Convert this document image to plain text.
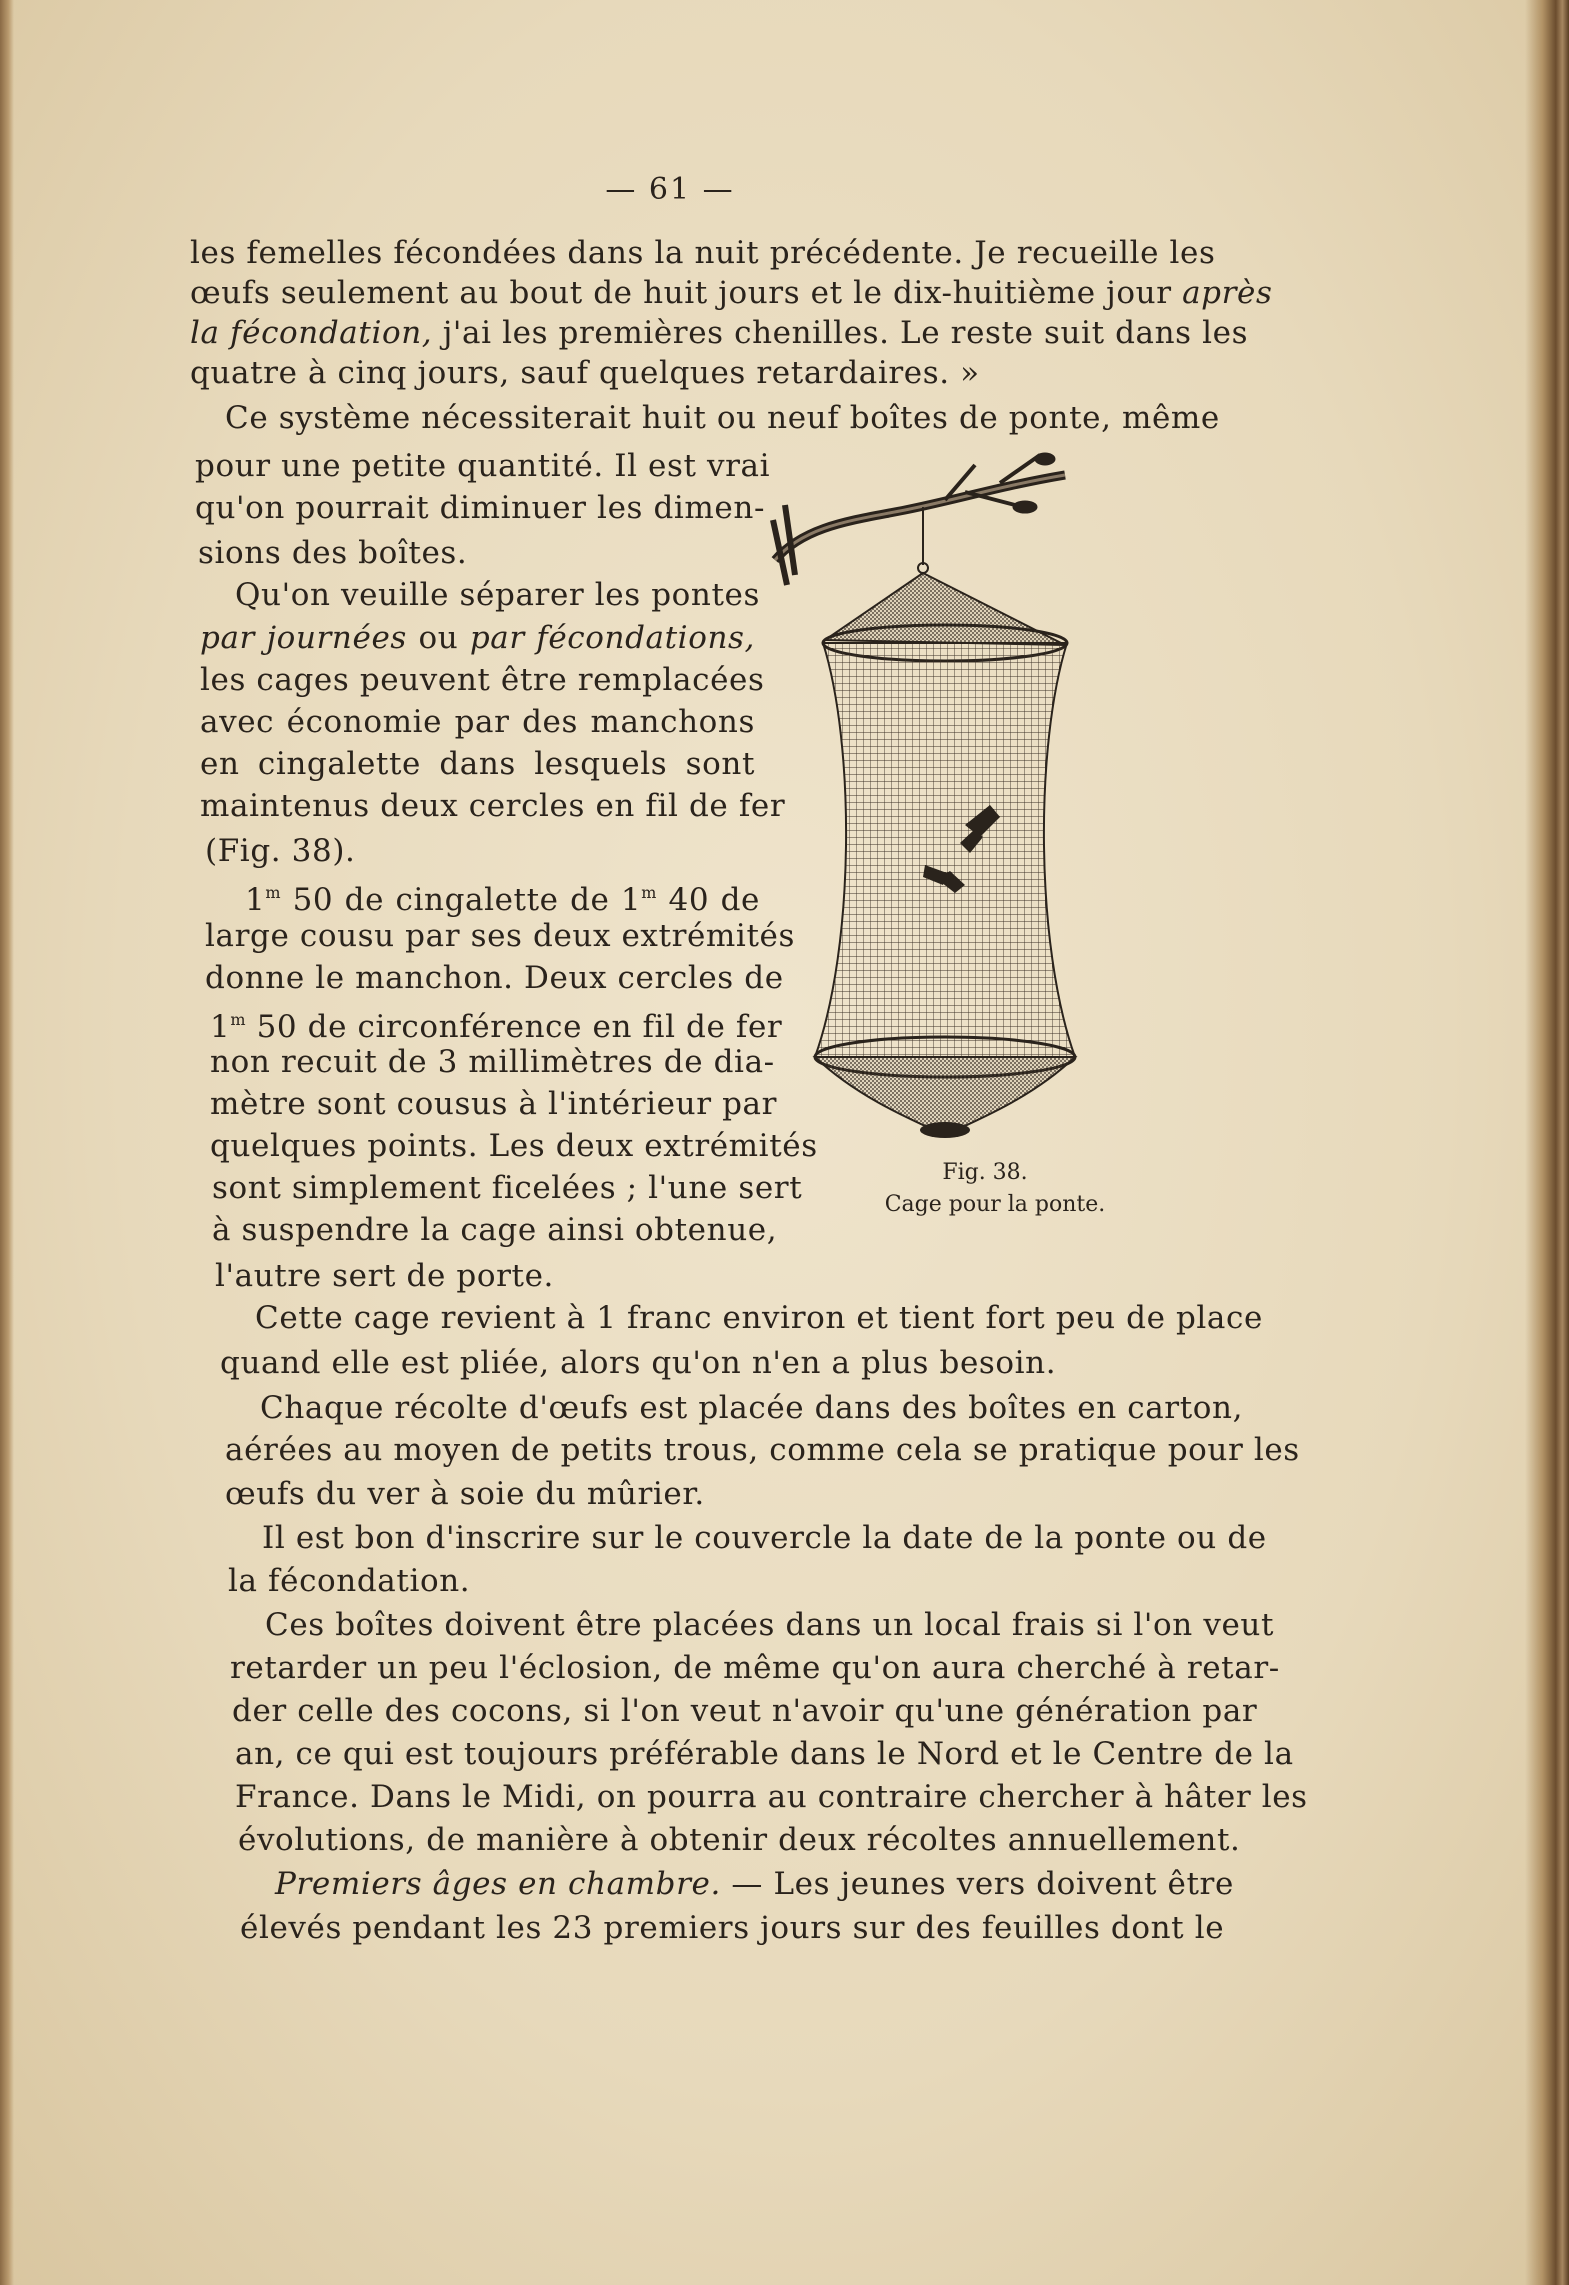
— 61 —
les femelles fécondées dans la nuit précédente. Je recueille les
œufs seulement au bout de huit jours et le dix-huitième jour après
la fécondation, j'ai les premières chenilles. Le reste suit dans les
quatre à cinq jours, sauf quelques retardaires. »
Ce système nécessiterait huit ou neuf boîtes de ponte, même
pour une petite quantité. Il est vrai
qu'on pourrait diminuer les dimen-
sions des boîtes.
Qu'on veuille séparer les pontes
par journées ou par fécondations,
les cages peuvent être remplacées
avec économie par des manchons
en cingalette dans lesquels sont
maintenus deux cercles en fil de fer
(Fig. 38).
1$^m$ 50 de cingalette de 1$^m$ 40 de
large cousu par ses deux extrémités
donne le manchon. Deux cercles de
1$^m$ 50 de circonférence en fil de fer
non recuit de 3 millimètres de dia-
mètre sont cousus à l'intérieur par
quelques points. Les deux extrémités
sont simplement ficelées ; l'une sert
à suspendre la cage ainsi obtenue,
l'autre sert de porte.
Cette cage revient à 1 franc environ et tient fort peu de place
quand elle est pliée, alors qu'on n'en a plus besoin.
Chaque récolte d'œufs est placée dans des boîtes en carton,
aérées au moyen de petits trous, comme cela se pratique pour les
œufs du ver à soie du mûrier.
Il est bon d'inscrire sur le couvercle la date de la ponte ou de
la fécondation.
Ces boîtes doivent être placées dans un local frais si l'on veut
retarder un peu l'éclosion, de même qu'on aura cherché à retar-
der celle des cocons, si l'on veut n'avoir qu'une génération par
an, ce qui est toujours préférable dans le Nord et le Centre de la
France. Dans le Midi, on pourra au contraire chercher à hâter les
évolutions, de manière à obtenir deux récoltes annuellement.
Premiers âges en chambre. — Les jeunes vers doivent être
élevés pendant les 23 premiers jours sur des feuilles dont le
Fig. 38.
Cage pour la ponte.
